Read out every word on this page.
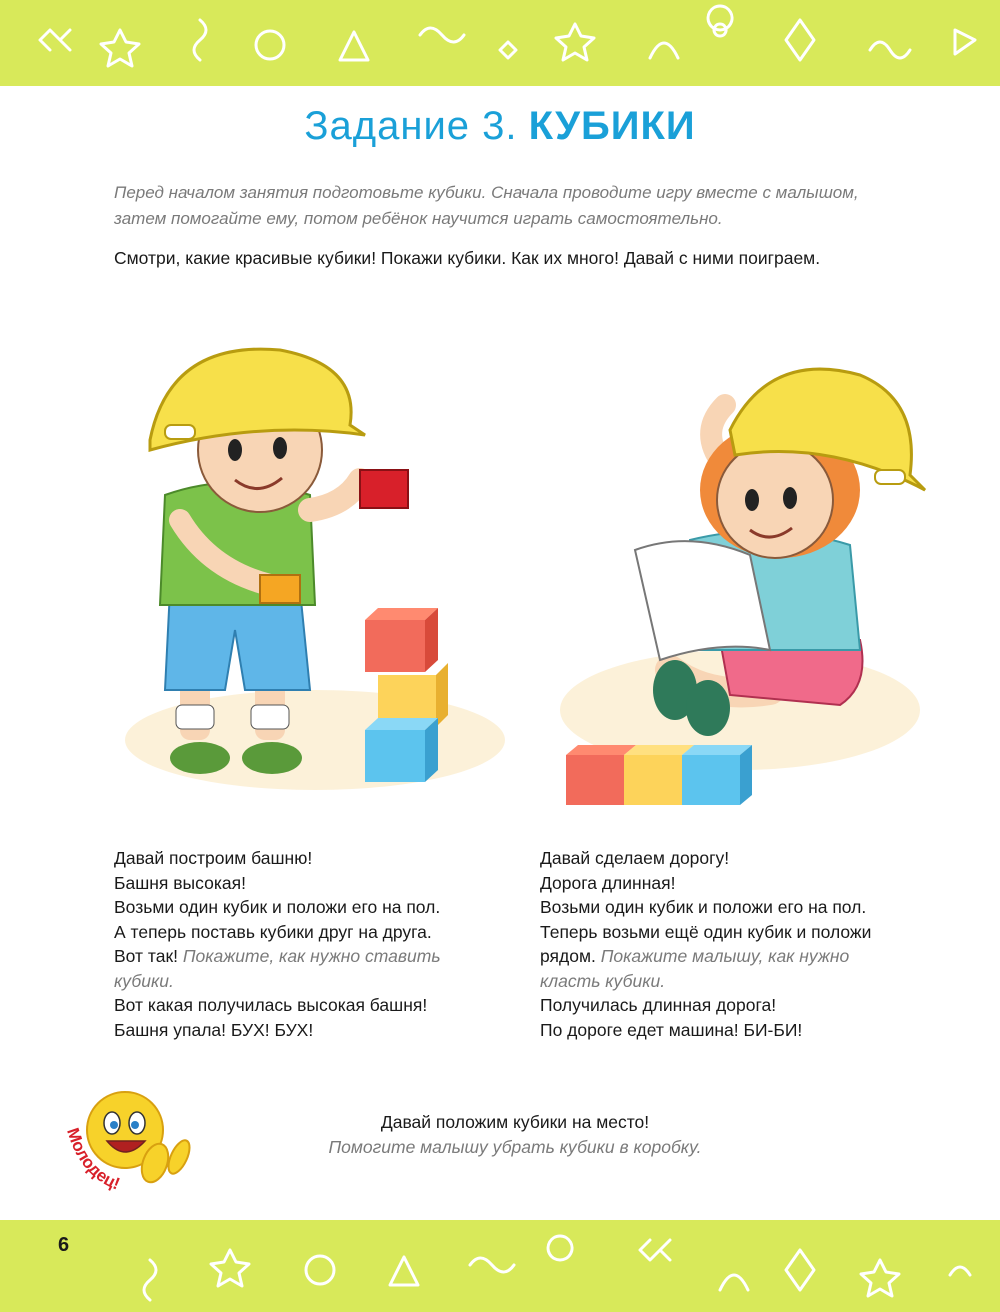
Задание 3. КУБИКИ

Перед началом занятия подготовьте кубики. Сначала проводите игру вместе с малышом,

затем помогайте ему, потом ребёнок научится играть самостоятельно.

Смотри, какие красивые кубики! Покажи кубики. Как их много! Давай с ними поиграем.

Давай построим башню!

Башня высокая!

Возьми один кубик и положи его на пол.

А теперь поставь кубики друг на друга.

Вот так! Покажите, как нужно ставить

кубики.

Вот какая получилась высокая башня!

Башня упала! БУХ! БУХ!

Давай сделаем дорогу!

Дорога длинная!

Возьми один кубик и положи его на пол.

Теперь возьми ещё один кубик и положи

рядом. Покажите малышу, как нужно

класть кубики.

Получилась длинная дорога!

По дороге едет машина! БИ-БИ!

Молодец!

Давай положим кубики на место!

Помогите малышу убрать кубики в коробку.

6
